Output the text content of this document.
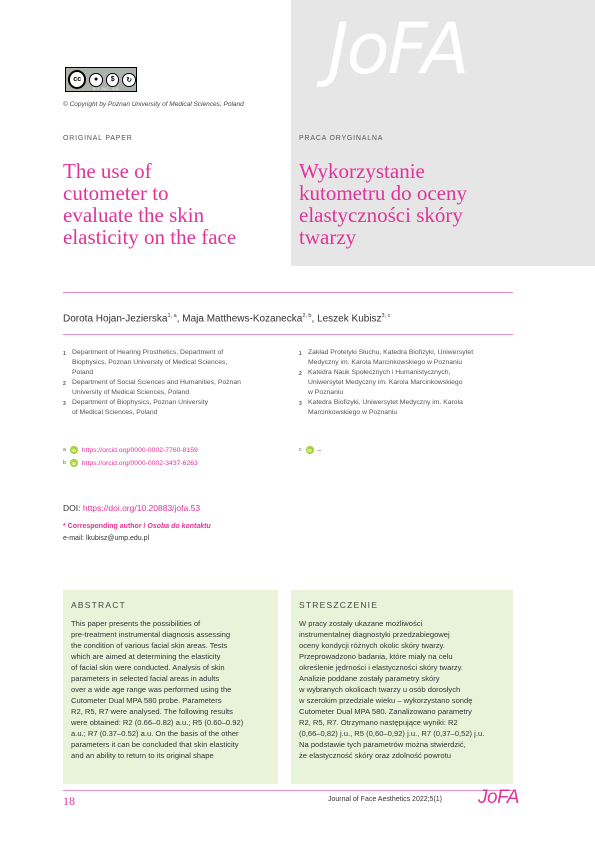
JoFA
cc	●	$	↻
BY NC SA
© Copyright by Poznan University of Medical Sciences, Poland
ORIGINAL PAPER	PRACA ORYGINALNA
The use of
cutometer to
evaluate the skin
elasticity on the face
Wykorzystanie
kutometru do oceny
elastyczności skóry
twarzy
Dorota Hojan-Jezierska$^{1, a}$, Maja Matthews-Kozanecka$^{2, b}$, Leszek Kubisz$^{3, c}$
1 Department of Hearing Prosthetics, Department of
Biophysics, Poznan University of Medical Sciences,
Poland
2 Department of Social Sciences and Humanities, Poznan
University of Medical Sciences, Poland
3 Department of Biophysics, Poznan University
of Medical Sciences, Poland
1 Zakład Protetyki Słuchu, Katedra Biofizyki, Uniwersytet
Medyczny im. Karola Marcinkowskiego w Poznaniu
2 Katedra Nauk Społecznych i Humanistycznych,
Uniwersytet Medyczny im. Karola Marcinkowskiego
w Poznaniu
3 Katedra Biofizyki, Uniwersytet Medyczny im. Karola
Marcinkowskiego w Poznaniu
a	iD https://orcid.org/0000-0002-7760-8159
b	iD https://orcid.org/0000-0002-3437-6263
c	iD –
DOI: https://doi.org/10.20883/jofa.53
* Corresponding author / Osoba do kontaktu
e-mail: lkubisz@ump.edu.pl
ABSTRACT
This paper presents the possibilities of
pre-treatment instrumental diagnosis assessing
the condition of various facial skin areas. Tests
which are aimed at determining the elasticity
of facial skin were conducted. Analysis of skin
parameters in selected facial areas in adults
over a wide age range was performed using the
Cutometer Dual MPA 580 probe. Parameters
R2, R5, R7 were analysed. The following results
were obtained: R2 (0.66–0.82) a.u.; R5 (0.60–0.92)
a.u.; R7 (0.37–0.52) a.u. On the basis of the other
parameters it can be concluded that skin elasticity
and an ability to return to its original shape
STRESZCZENIE
W pracy zostały ukazane możliwości
instrumentalnej diagnostyki przedzabiegowej
oceny kondycji różnych okolic skóry twarzy.
Przeprowadzono badania, które miały na celu
określenie jędrności i elastyczności skóry twarzy.
Analizie poddane zostały parametry skóry
w wybranych okolicach twarzy u osób dorosłych
w szerokim przedziale wieku – wykorzystano sondę
Cutometer Dual MPA 580. Zanalizowano parametry
R2, R5, R7. Otrzymano następujące wyniki: R2
(0,66–0,82) j.u., R5 (0,60–0,92) j.u., R7 (0,37–0,52) j.u.
Na podstawie tych parametrów można stwierdzić,
że elastyczność skóry oraz zdolność powrotu
18	Journal of Face Aesthetics 2022;5(1) JoFA
